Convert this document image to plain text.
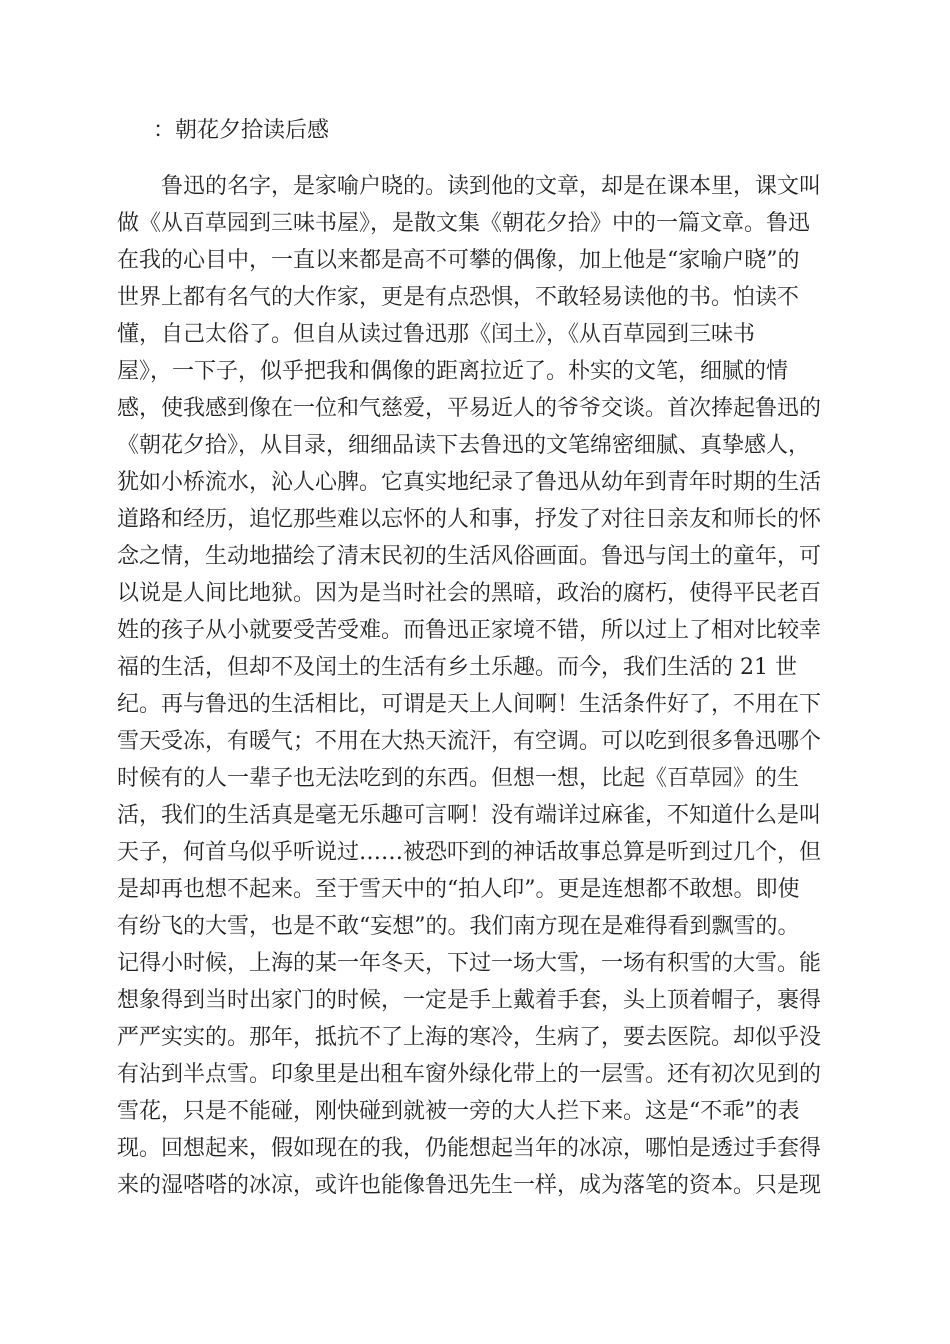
：朝花夕拾读后感
鲁迅的名字，是家喻户晓的。读到他的文章，却是在课本里，课文叫
做《从百草园到三味书屋》，是散文集《朝花夕拾》中的一篇文章。鲁迅
在我的心目中，一直以来都是高不可攀的偶像，加上他是“家喻户晓”的
世界上都有名气的大作家，更是有点恐惧，不敢轻易读他的书。怕读不
懂，自己太俗了。但自从读过鲁迅那《闰土》，《从百草园到三味书
屋》，一下子，似乎把我和偶像的距离拉近了。朴实的文笔，细腻的情
感，使我感到像在一位和气慈爱，平易近人的爷爷交谈。首次捧起鲁迅的
《朝花夕拾》，从目录，细细品读下去鲁迅的文笔绵密细腻、真挚感人，
犹如小桥流水，沁人心脾。它真实地纪录了鲁迅从幼年到青年时期的生活
道路和经历，追忆那些难以忘怀的人和事，抒发了对往日亲友和师长的怀
念之情，生动地描绘了清末民初的生活风俗画面。鲁迅与闰土的童年，可
以说是人间比地狱。因为是当时社会的黑暗，政治的腐朽，使得平民老百
姓的孩子从小就要受苦受难。而鲁迅正家境不错，所以过上了相对比较幸
福的生活，但却不及闰土的生活有乡土乐趣。而今，我们生活的 21 世
纪。再与鲁迅的生活相比，可谓是天上人间啊！生活条件好了，不用在下
雪天受冻，有暖气；不用在大热天流汗，有空调。可以吃到很多鲁迅哪个
时候有的人一辈子也无法吃到的东西。但想一想，比起《百草园》的生
活，我们的生活真是毫无乐趣可言啊！没有端详过麻雀，不知道什么是叫
天子，何首乌似乎听说过……被恐吓到的神话故事总算是听到过几个，但
是却再也想不起来。至于雪天中的“拍人印”。更是连想都不敢想。即使
有纷飞的大雪，也是不敢“妄想”的。我们南方现在是难得看到飘雪的。
记得小时候，上海的某一年冬天，下过一场大雪，一场有积雪的大雪。能
想象得到当时出家门的时候，一定是手上戴着手套，头上顶着帽子，裹得
严严实实的。那年，抵抗不了上海的寒冷，生病了，要去医院。却似乎没
有沾到半点雪。印象里是出租车窗外绿化带上的一层雪。还有初次见到的
雪花，只是不能碰，刚快碰到就被一旁的大人拦下来。这是“不乖”的表
现。回想起来，假如现在的我，仍能想起当年的冰凉，哪怕是透过手套得
来的湿嗒嗒的冰凉，或许也能像鲁迅先生一样，成为落笔的资本。只是现
